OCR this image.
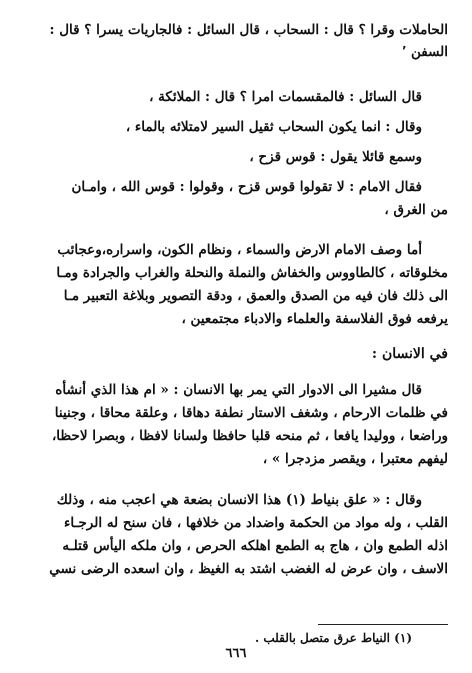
الحاملات وقرا ؟ قال : السحاب ، قال السائل : فالجاريات يسرا ؟ قال :
السفن ٬
قال السائل : فالمقسمات امرا ؟ قال : الملائكة ،
وقال : انما يكون السحاب ثقيل السير لامتلائه بالماء ،
وسمع قائلا يقول : قوس قزح ،
فقال الامام : لا تقولوا قوس قزح ، وقولوا : قوس الله ، وامـان
من الغرق ،
أما وصف الامام الارض والسماء ، ونظام الكون، واسراره،وعجائب
مخلوقاته ، كالطاووس والخفاش والنملة والنحلة والغراب والجرادة ومـا
الى ذلك فان فيه من الصدق والعمق ، ودقة التصوير وبلاغة التعبير مـا
يرفعه فوق الفلاسفة والعلماء والادباء مجتمعين ،
في الانسان :
قال مشيرا الى الادوار التي يمر بها الانسان : « ام هذا الذي أنشأه
في ظلمات الارحام ، وشغف الاستار نطفة دهاقا ، وعلقة محاقا ، وجنينا
وراضعا ، ووليدا يافعا ، ثم منحه قلبا حافظا ولسانا لافظا ، وبصرا لاحظا،
ليفهم معتبرا ، ويقصر مزدجرا » ،
وقال : « علق بنياط (١) هذا الانسان بضعة هي اعجب منه ، وذلك
القلب ، وله مواد من الحكمة واضداد من خلافها ، فان سنح له الرجـاء
اذله الطمع وان ، هاج به الطمع اهلكه الحرص ، وان ملكه اليأس قتلـه
الاسف ، وان عرض له الغضب اشتد به الغيظ ، وان اسعده الرضى نسي
(١) النياط عرق متصل بالقلب .
٦٦٦
